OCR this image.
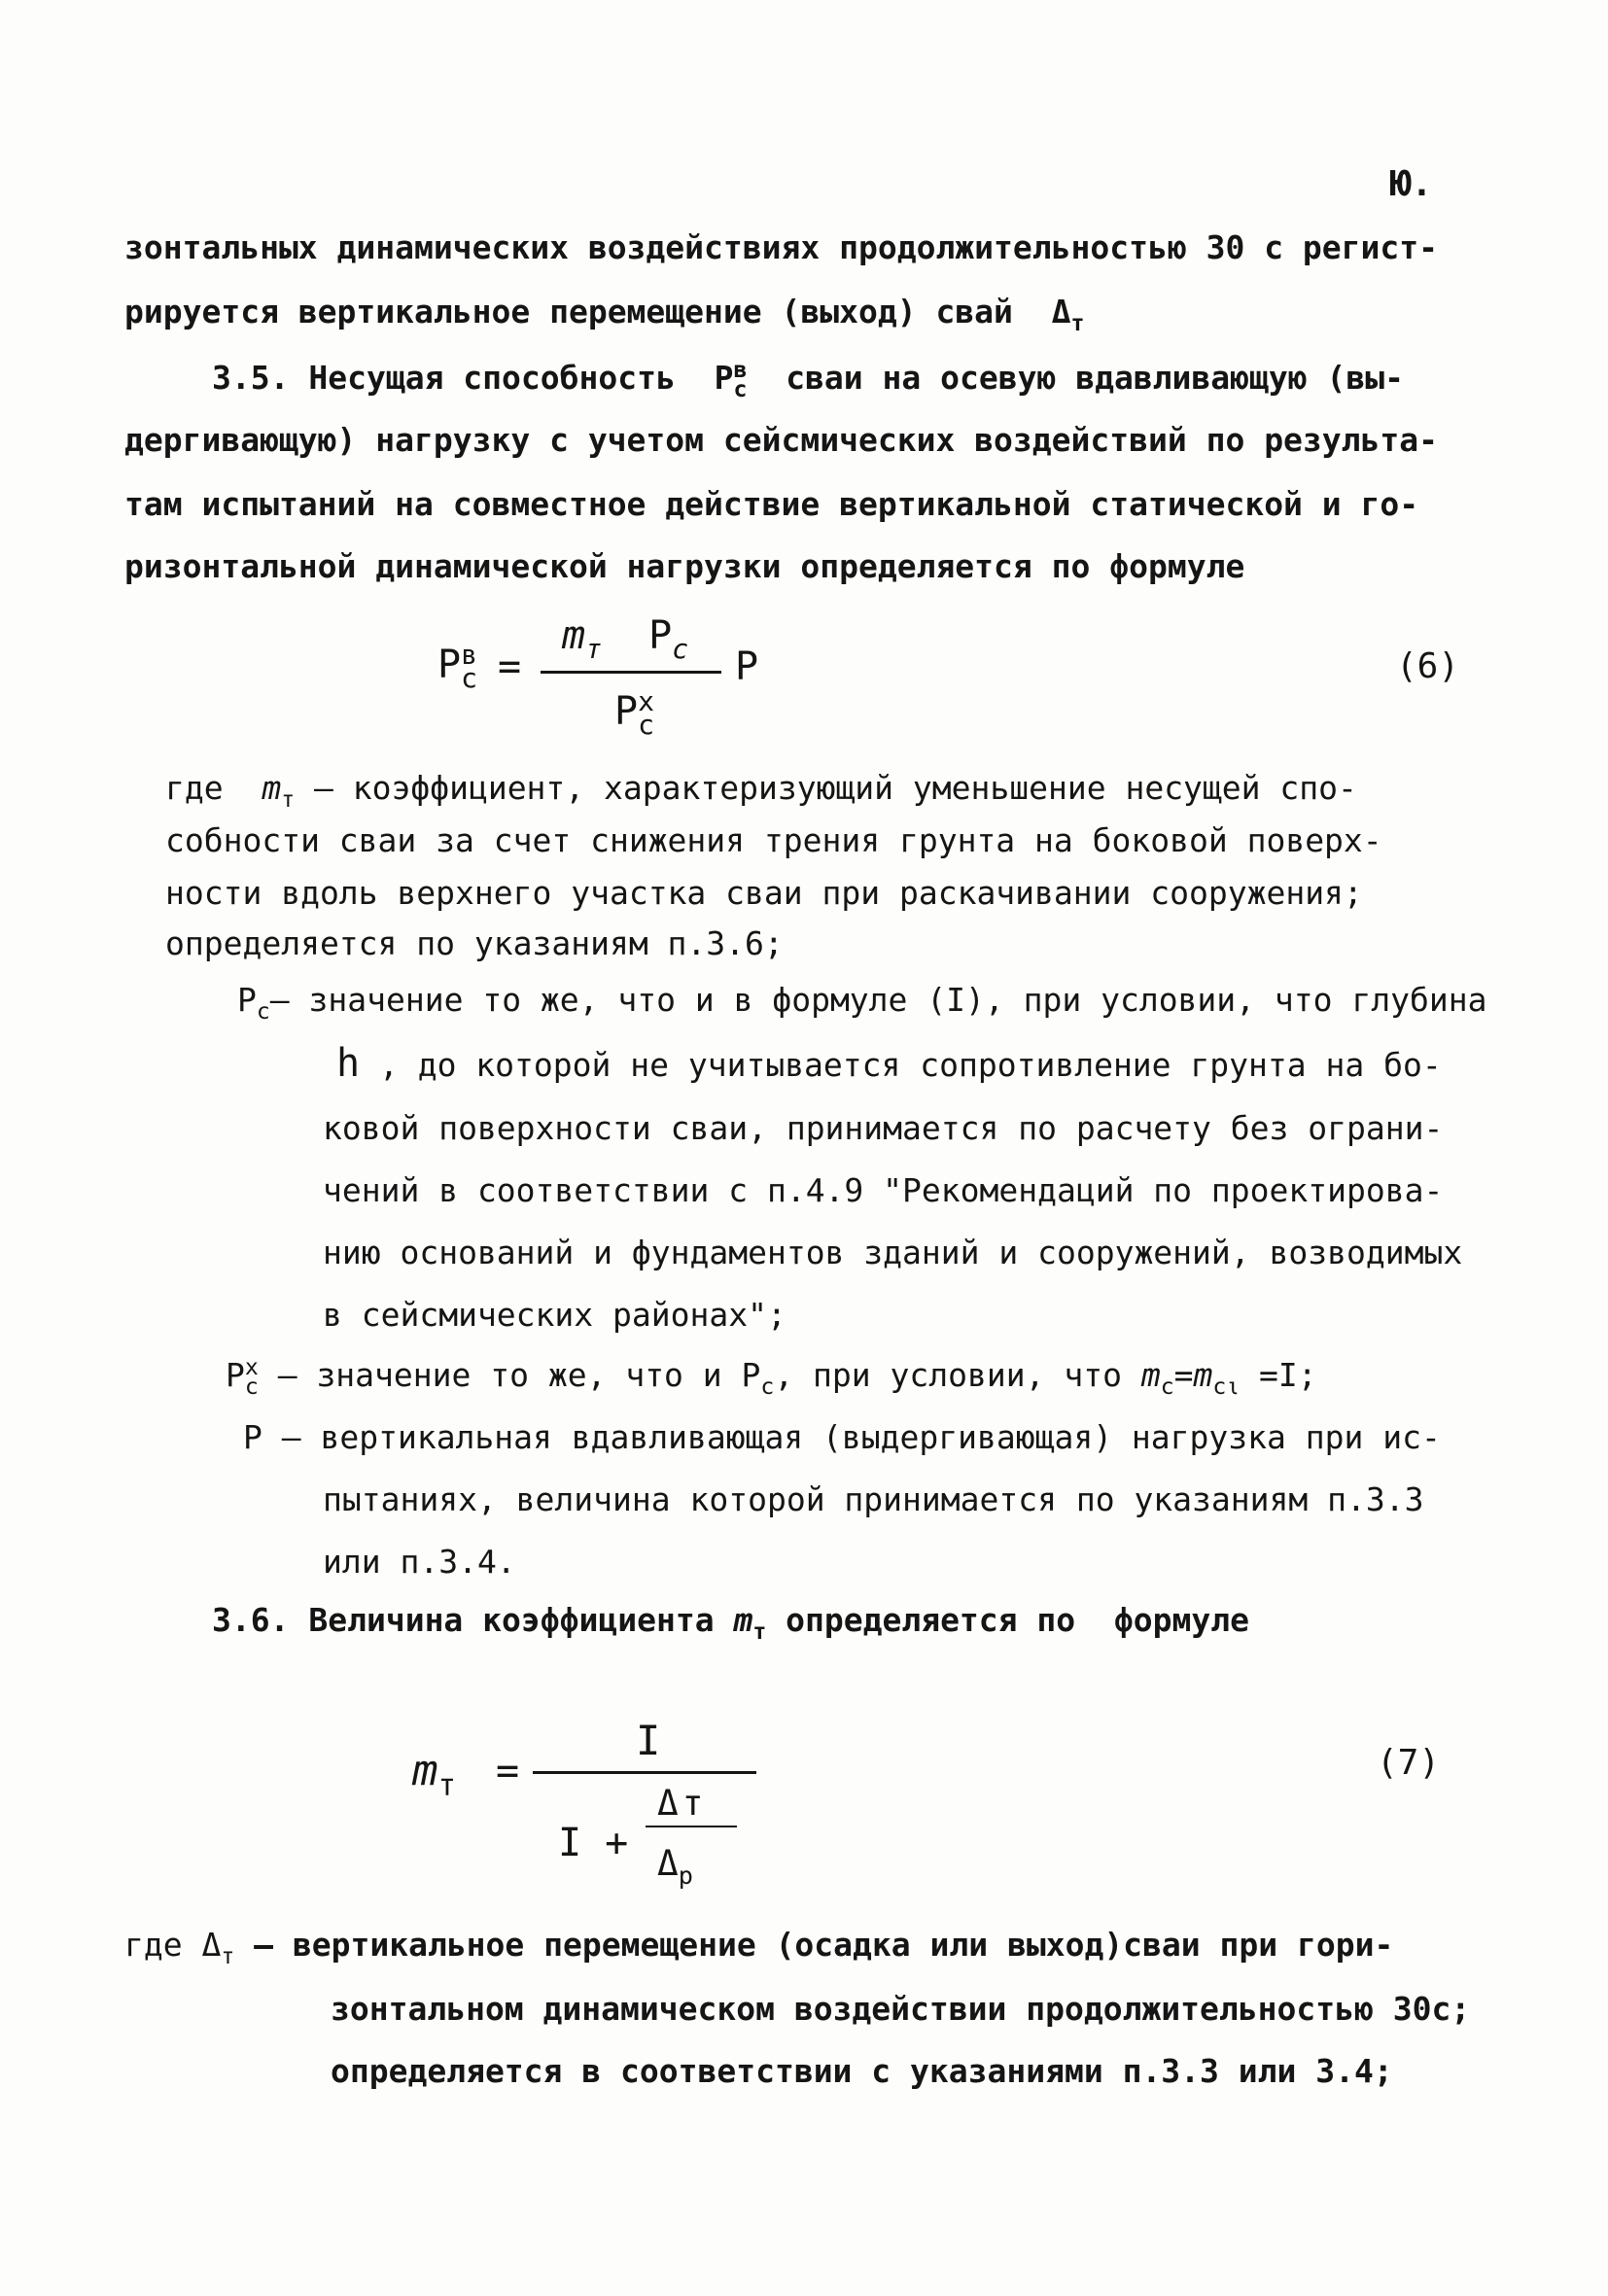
Ю.
зонтальных динамических воздействиях продолжительностью 30 с регист-
рируется вертикальное перемещение (выход) свай $\Delta_т$
3.5. Несущая способность $P^в_c$ сваи на осевую вдавливающую (вы-
дергивающую) нагрузку с учетом сейсмических воздействий по результа-
там испытаний на совместное действие вертикальной статической и го-
ризонтальной динамической нагрузки определяется по формуле
$P^в_c$ =
$m_т$ $P_c$
$P^x_c$
P	(6)
где $m_т$ – коэффициент, характеризующий уменьшение несущей спо-
собности сваи за счет снижения трения грунта на боковой поверх-
ности вдоль верхнего участка сваи при раскачивании сооружения;
определяется по указаниям п.3.6;
$P_c-$ значение то же, что и в формуле (I), при условии, что глубина
h , до которой не учитывается сопротивление грунта на бо-
ковой поверхности сваи, принимается по расчету без ограни-
чений в соответствии с п.4.9 "Рекомендаций по проектирова-
нию оснований и фундаментов зданий и сооружений, возводимых
в сейсмических районах";
$P^x_c$ – значение то же, что и $P_c$, при условии, что $m_c=m_{c\iota} =I$;
P – вертикальная вдавливающая (выдергивающая) нагрузка при ис-
пытаниях, величина которой принимается по указаниям п.3.3
или п.3.4.
3.6. Величина коэффициента $m_т$ определяется по  формуле
$m_т$ =
I
I +
Δ т
$\Delta_p$
(7)
где $\Delta_т$ – вертикальное перемещение (осадка или выход)сваи при гори-
зонтальном динамическом воздействии продолжительностью 30с;
определяется в соответствии с указаниями п.3.3 или 3.4;
